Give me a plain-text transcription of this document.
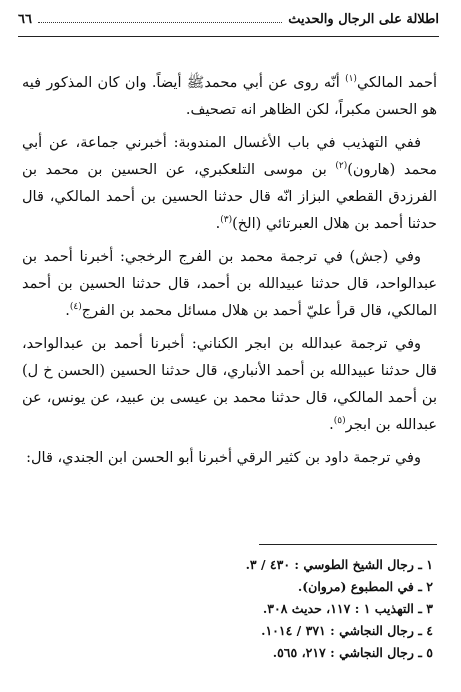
اطلالة على الرجال والحديث
٦٦

أحمد المالكي$^{(١)}$ أنّه روى عن أبي محمدﷺ أيضاً. وان كان المذكور فيه هو الحسن مكبراً، لكن الظاهر انه تصحيف.

ففي التهذيب في باب الأغسال المندوبة: أخبرني جماعة، عن أبي محمد (هارون)$^{(٢)}$ بن موسى التلعكبري، عن الحسين بن محمد بن الفرزدق القطعي البزاز انّه قال حدثنا الحسين بن أحمد المالكي، قال حدثنا أحمد بن هلال العبرتائي (الخ)$^{(٣)}$.

وفي (جش) في ترجمة محمد بن الفرج الرخجي: أخبرنا أحمد بن عبدالواحد، قال حدثنا عبيدالله بن أحمد، قال حدثنا الحسين بن أحمد المالكي، قال قرأ عليّ أحمد بن هلال مسائل محمد بن الفرج$^{(٤)}$.

وفي ترجمة عبدالله بن ابجر الكناني: أخبرنا أحمد بن عبدالواحد، قال حدثنا عبيدالله بن أحمد الأنباري، قال حدثنا الحسين (الحسن خ ل) بن أحمد المالكي، قال حدثنا محمد بن عيسى بن عبيد، عن يونس، عن عبدالله بن ابجر$^{(٥)}$.

وفي ترجمة داود بن كثير الرقي أخبرنا أبو الحسن ابن الجندي، قال:

١ ـ رجال الشيخ الطوسي : ٤٣٠ / ٣.
٢ ـ في المطبوع (مروان).
٣ ـ التهذيب ١ : ١١٧، حديث ٣٠٨.
٤ ـ رجال النجاشي : ٣٧١ / ١٠١٤.
٥ ـ رجال النجاشي : ٢١٧، ٥٦٥.
